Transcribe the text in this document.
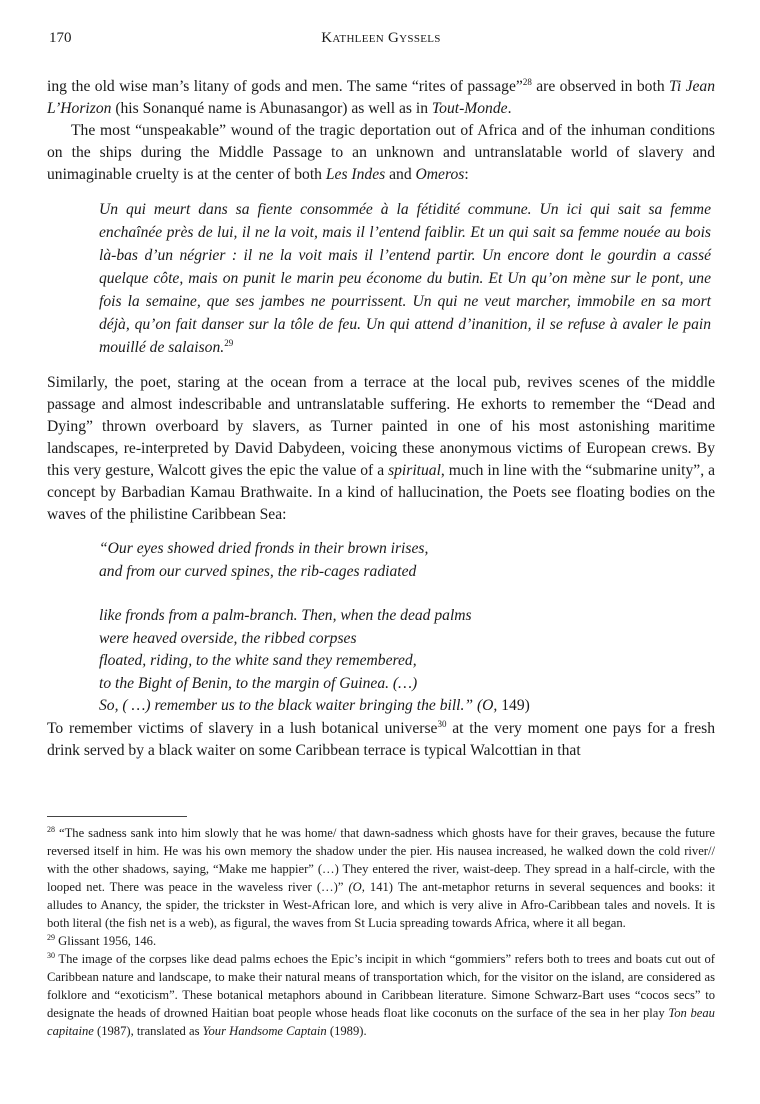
170	Kathleen Gyssels

ing the old wise man’s litany of gods and men. The same “rites of passage”$^{28}$ are observed in both Ti Jean L’Horizon (his Sonanqué name is Abunasangor) as well as in Tout-Monde.

The most “unspeakable” wound of the tragic deportation out of Africa and of the inhuman conditions on the ships during the Middle Passage to an unknown and untranslatable world of slavery and unimaginable cruelty is at the center of both Les Indes and Omeros:

Un qui meurt dans sa fiente consommée à la fétidité commune. Un ici qui sait sa femme enchaînée près de lui, il ne la voit, mais il l’entend faiblir. Et un qui sait sa femme nouée au bois là-bas d’un négrier : il ne la voit mais il l’entend partir. Un encore dont le gourdin a cassé quelque côte, mais on punit le marin peu économe du butin. Et Un qu’on mène sur le pont, une fois la semaine, que ses jambes ne pourrissent. Un qui ne veut marcher, immobile en sa mort déjà, qu’on fait danser sur la tôle de feu. Un qui attend d’inanition, il se refuse à avaler le pain mouillé de salaison.$^{29}$

Similarly, the poet, staring at the ocean from a terrace at the local pub, revives scenes of the middle passage and almost indescribable and untranslatable suffering. He exhorts to remember the “Dead and Dying” thrown overboard by slavers, as Turner painted in one of his most astonishing maritime landscapes, re-interpreted by David Dabydeen, voicing these anonymous victims of European crews. By this very gesture, Walcott gives the epic the value of a spiritual, much in line with the “submarine unity”, a concept by Barbadian Kamau Brathwaite. In a kind of hallucination, the Poets see floating bodies on the waves of the philistine Caribbean Sea:

“Our eyes showed dried fronds in their brown irises,
and from our curved spines, the rib-cages radiated
like fronds from a palm-branch. Then, when the dead palms
were heaved overside, the ribbed corpses
floated, riding, to the white sand they remembered,
to the Bight of Benin, to the margin of Guinea. (…)
So, ( …) remember us to the black waiter bringing the bill.” (O, 149)

To remember victims of slavery in a lush botanical universe$^{30}$ at the very moment one pays for a fresh drink served by a black waiter on some Caribbean terrace is typical Walcottian in that

$^{28}$ “The sadness sank into him slowly that he was home/ that dawn-sadness which ghosts have for their graves, because the future reversed itself in him. He was his own memory the shadow under the pier. His nausea increased, he walked down the cold river// with the other shadows, saying, “Make me happier” (…) They entered the river, waist-deep. They spread in a half-circle, with the looped net. There was peace in the waveless river (…)” (O, 141) The ant-metaphor returns in several sequences and books: it alludes to Anancy, the spider, the trickster in West-African lore, and which is very alive in Afro-Caribbean tales and novels. It is both literal (the fish net is a web), as figural, the waves from St Lucia spreading towards Africa, where it all began.

$^{29}$ Glissant 1956, 146.

$^{30}$ The image of the corpses like dead palms echoes the Epic’s incipit in which “gommiers” refers both to trees and boats cut out of Caribbean nature and landscape, to make their natural means of transportation which, for the visitor on the island, are considered as folklore and “exoticism”. These botanical metaphors abound in Caribbean literature. Simone Schwarz-Bart uses “cocos secs” to designate the heads of drowned Haitian boat people whose heads float like coconuts on the surface of the sea in her play Ton beau capitaine (1987), translated as Your Handsome Captain (1989).
